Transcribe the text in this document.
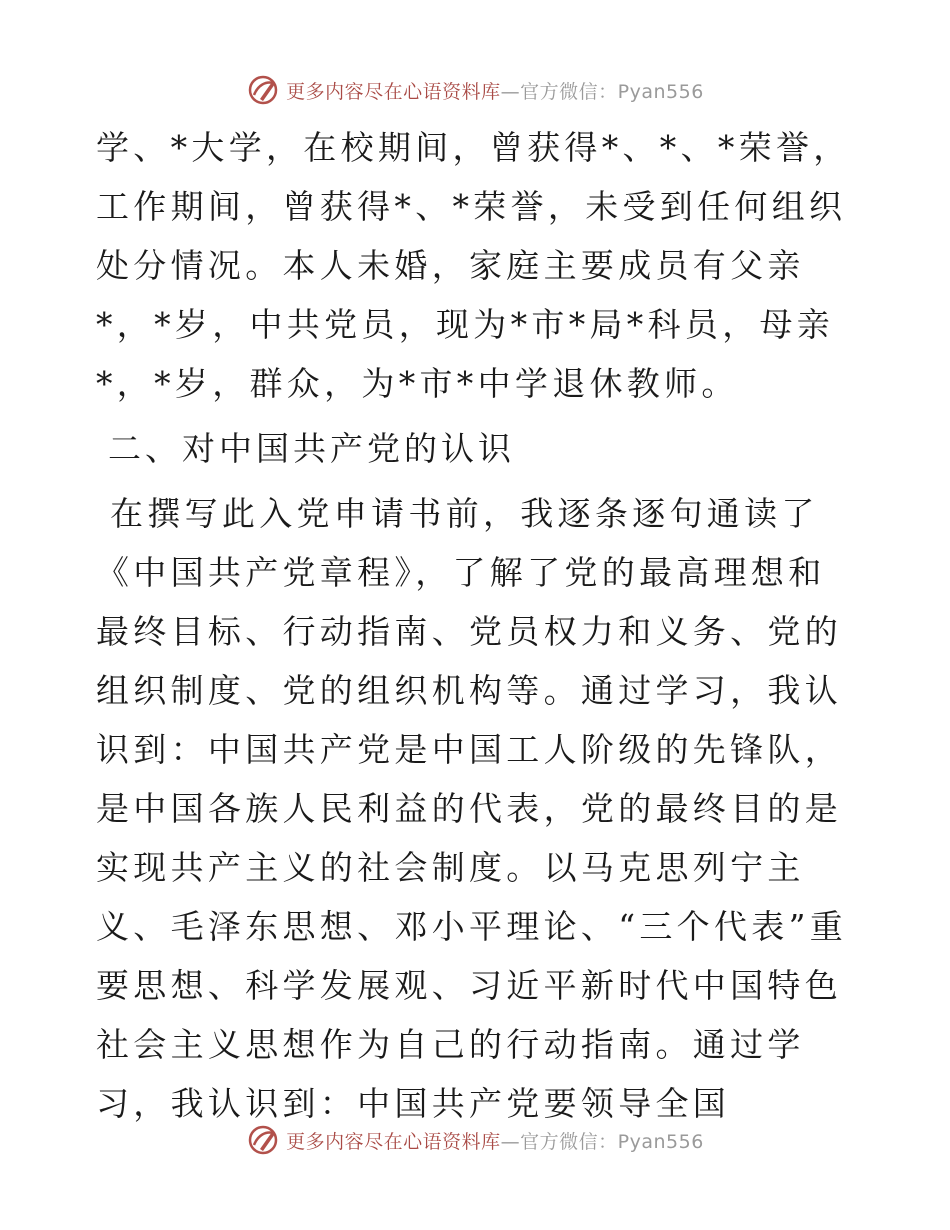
更多内容尽在心语资料库—官方微信：Pyan556

学、*大学，在校期间，曾获得*、*、*荣誉，工作期间，曾获得*、*荣誉，未受到任何组织处分情况。本人未婚，家庭主要成员有父亲*，*岁，中共党员，现为*市*局*科员，母亲*，*岁，群众，为*市*中学退休教师。

二、对中国共产党的认识

在撰写此入党申请书前，我逐条逐句通读了《中国共产党章程》，了解了党的最高理想和最终目标、行动指南、党员权力和义务、党的组织制度、党的组织机构等。通过学习，我认识到：中国共产党是中国工人阶级的先锋队，是中国各族人民利益的代表，党的最终目的是实现共产主义的社会制度。以马克思列宁主义、毛泽东思想、邓小平理论、“三个代表”重要思想、科学发展观、习近平新时代中国特色社会主义思想作为自己的行动指南。通过学习，我认识到：中国共产党要领导全国

更多内容尽在心语资料库—官方微信：Pyan556
